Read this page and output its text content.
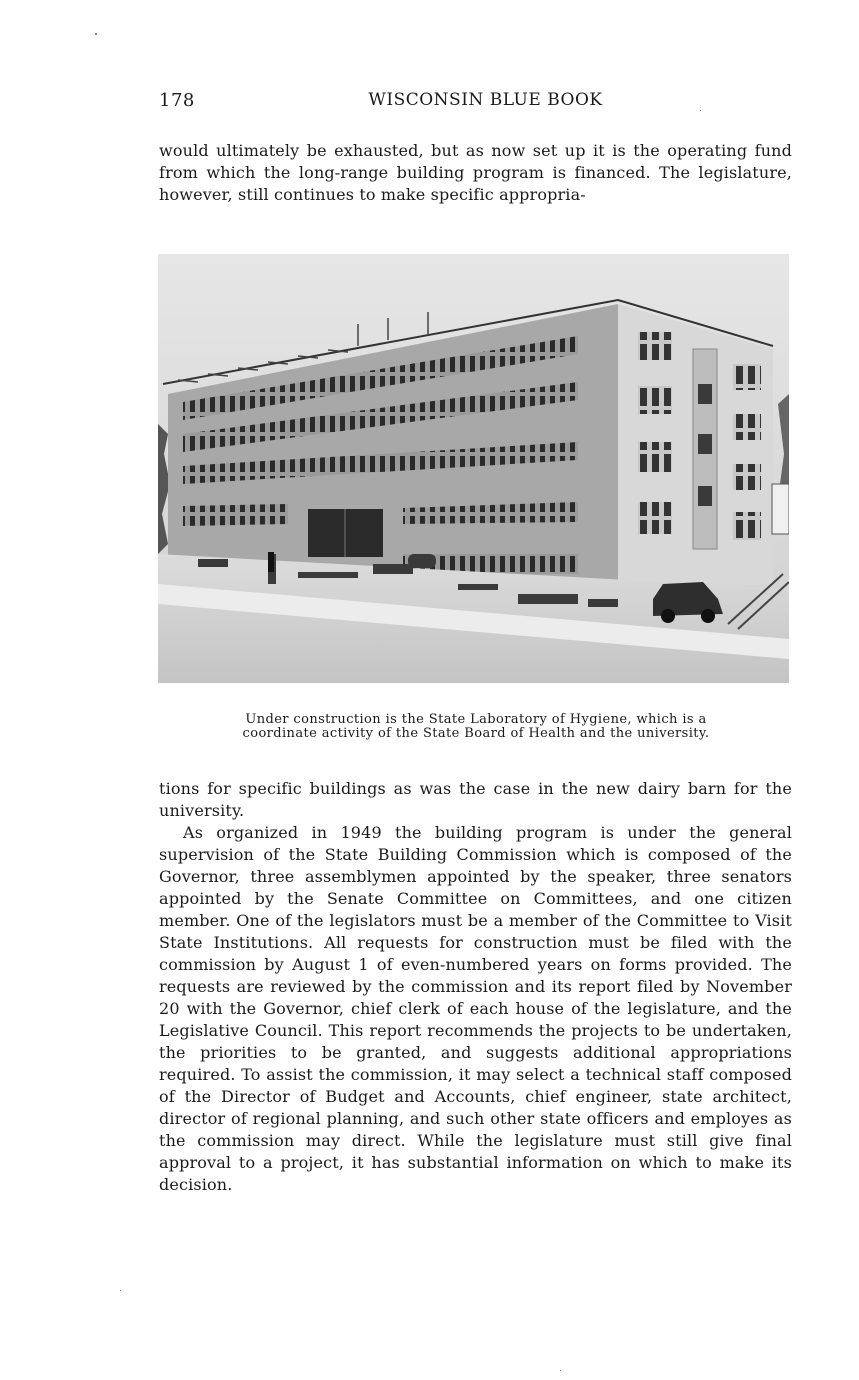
178	WISCONSIN BLUE BOOK

would ultimately be exhausted, but as now set up it is the operating fund from which the long-range building program is financed. The legislature, however, still continues to make specific appropria-

Under construction is the State Laboratory of Hygiene, which is a
coordinate activity of the State Board of Health and the university.

tions for specific buildings as was the case in the new dairy barn for the university.

As organized in 1949 the building program is under the general supervision of the State Building Commission which is composed of the Governor, three assemblymen appointed by the speaker, three senators appointed by the Senate Committee on Committees, and one citizen member. One of the legislators must be a member of the Committee to Visit State Institutions. All requests for construction must be filed with the commission by August 1 of even-numbered years on forms provided. The requests are reviewed by the commission and its report filed by November 20 with the Governor, chief clerk of each house of the legislature, and the Legislative Council. This report recommends the projects to be undertaken, the priorities to be granted, and suggests additional appropriations required. To assist the commission, it may select a technical staff composed of the Director of Budget and Accounts, chief engineer, state architect, director of regional planning, and such other state officers and employes as the commission may direct. While the legislature must still give final approval to a project, it has substantial information on which to make its decision.
